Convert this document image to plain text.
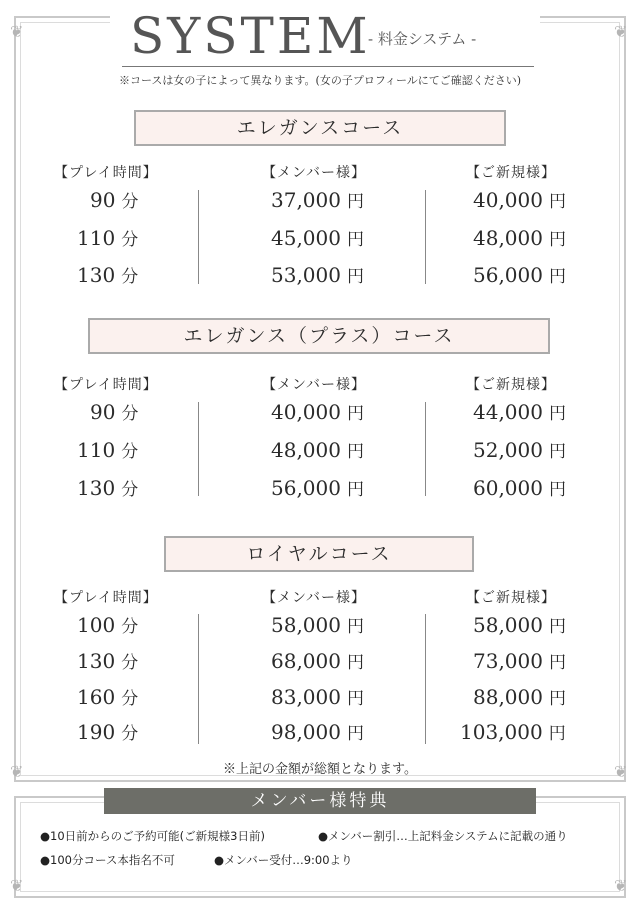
❦	❦
❦	❦
❦	❦
SYSTEM
- 料金システム -
※コースは女の子によって異なります。(女の子プロフィールにてご確認ください)
エレガンスコース
【プレイ時間】	【メンバー様】	【ご新規様】
90 分	37,000 円	40,000 円
110 分	45,000 円	48,000 円
130 分	53,000 円	56,000 円
エレガンス（プラス）コース
【プレイ時間】	【メンバー様】	【ご新規様】
90 分	40,000 円	44,000 円
110 分	48,000 円	52,000 円
130 分	56,000 円	60,000 円
ロイヤルコース
【プレイ時間】	【メンバー様】	【ご新規様】
100 分	58,000 円	58,000 円
130 分	68,000 円	73,000 円
160 分	83,000 円	88,000 円
190 分	98,000 円	103,000 円
※上記の金額が総額となります。
メンバー様特典
●10日前からのご予約可能(ご新規様3日前)	●メンバー割引…上記料金システムに記載の通り
●100分コース本指名不可	●メンバー受付…9:00より
